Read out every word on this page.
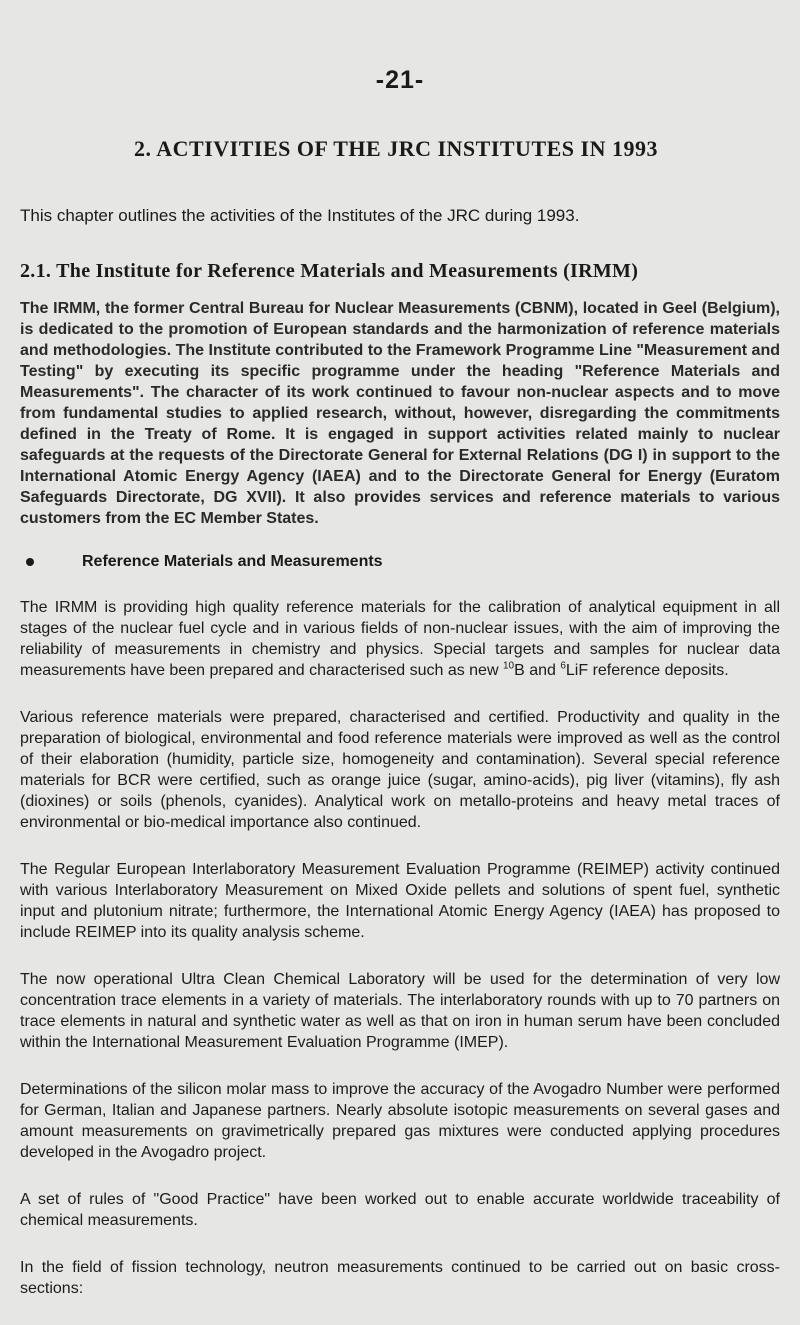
-21-
2. ACTIVITIES OF THE JRC INSTITUTES IN 1993
This chapter outlines the activities of the Institutes of the JRC during 1993.
2.1. The Institute for Reference Materials and Measurements (IRMM)

The IRMM, the former Central Bureau for Nuclear Measurements (CBNM), located in Geel (Belgium), is dedicated to the promotion of European standards and the harmonization of reference materials and methodologies. The Institute contributed to the Framework Programme Line "Measurement and Testing" by executing its specific programme under the heading "Reference Materials and Measurements". The character of its work continued to favour non-nuclear aspects and to move from fundamental studies to applied research, without, however, disregarding the commitments defined in the Treaty of Rome. It is engaged in support activities related mainly to nuclear safeguards at the requests of the Directorate General for External Relations (DG I) in support to the International Atomic Energy Agency (IAEA) and to the Directorate General for Energy (Euratom Safeguards Directorate, DG XVII). It also provides services and reference materials to various customers from the EC Member States.

Reference Materials and Measurements

The IRMM is providing high quality reference materials for the calibration of analytical equipment in all stages of the nuclear fuel cycle and in various fields of non-nuclear issues, with the aim of improving the reliability of measurements in chemistry and physics. Special targets and samples for nuclear data measurements have been prepared and characterised such as new $^{10}$B and $^6$LiF reference deposits.

Various reference materials were prepared, characterised and certified. Productivity and quality in the preparation of biological, environmental and food reference materials were improved as well as the control of their elaboration (humidity, particle size, homogeneity and contamination). Several special reference materials for BCR were certified, such as orange juice (sugar, amino-acids), pig liver (vitamins), fly ash (dioxines) or soils (phenols, cyanides). Analytical work on metallo-proteins and heavy metal traces of environmental or bio-medical importance also continued.

The Regular European Interlaboratory Measurement Evaluation Programme (REIMEP) activity continued with various Interlaboratory Measurement on Mixed Oxide pellets and solutions of spent fuel, synthetic input and plutonium nitrate; furthermore, the International Atomic Energy Agency (IAEA) has proposed to include REIMEP into its quality analysis scheme.

The now operational Ultra Clean Chemical Laboratory will be used for the determination of very low concentration trace elements in a variety of materials. The interlaboratory rounds with up to 70 partners on trace elements in natural and synthetic water as well as that on iron in human serum have been concluded within the International Measurement Evaluation Programme (IMEP).

Determinations of the silicon molar mass to improve the accuracy of the Avogadro Number were performed for German, Italian and Japanese partners. Nearly absolute isotopic measurements on several gases and amount measurements on gravimetrically prepared gas mixtures were conducted applying procedures developed in the Avogadro project.

A set of rules of "Good Practice" have been worked out to enable accurate worldwide traceability of chemical measurements.

In the field of fission technology, neutron measurements continued to be carried out on basic cross-sections:
